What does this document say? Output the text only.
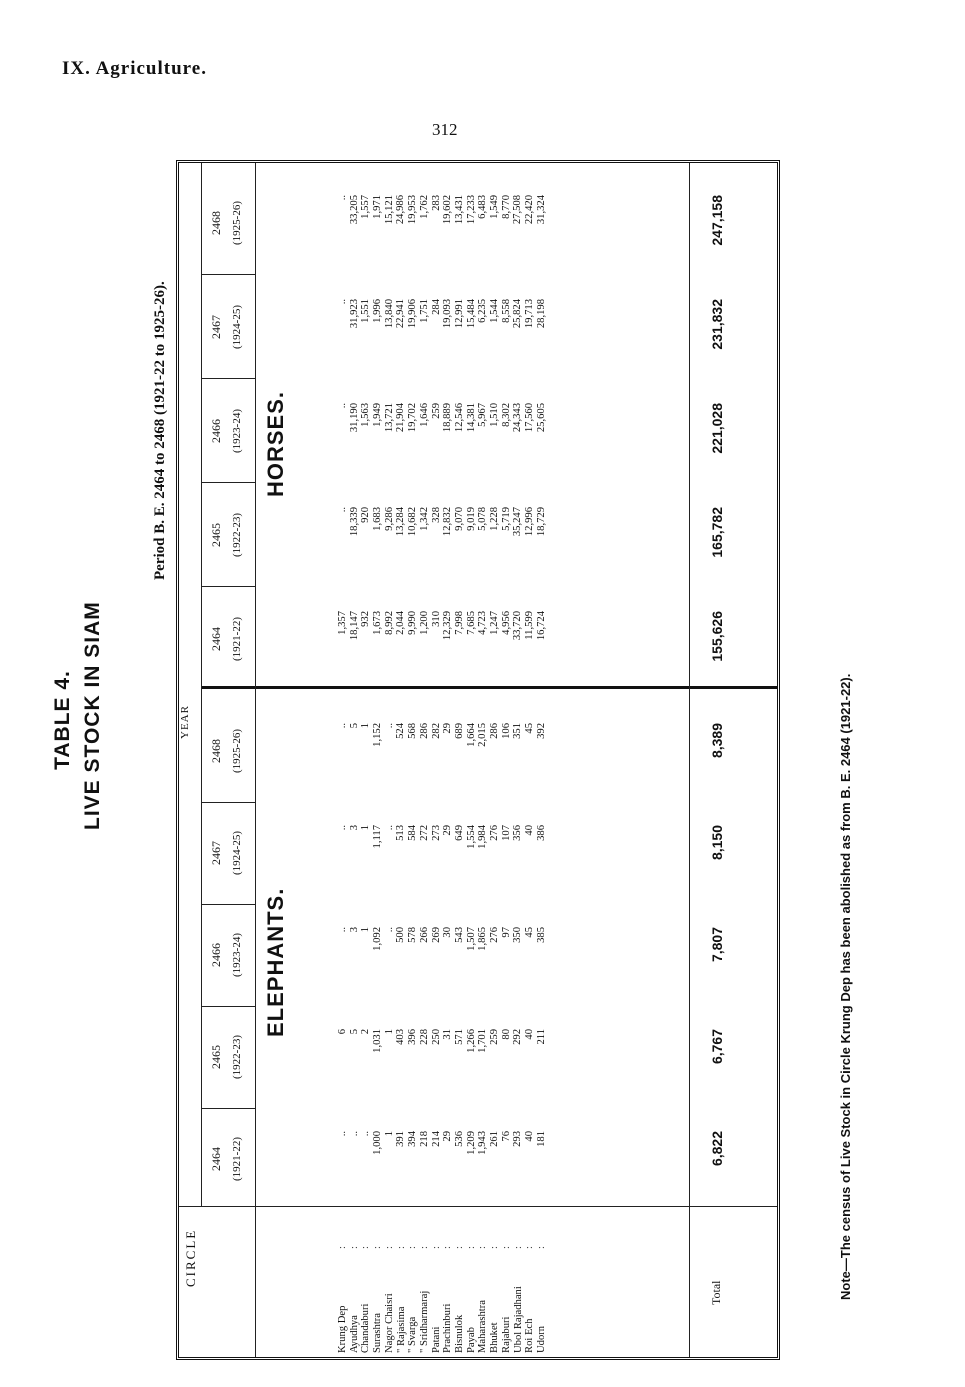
IX. Agriculture.
312
TABLE 4. LIVE STOCK IN SIAM
Period B. E. 2464 to 2468 (1921-22 to 1925-26).
CIRCLE
YEAR
ELEPHANTS.
HORSES.
2464 (1921-22)
2465 (1922-23)
2466 (1923-24)
2467 (1924-25)
2468 (1925-26)
2464 (1921-22)
2465 (1922-23)
2466 (1923-24)
2467 (1924-25)
2468 (1925-26)
Krung Dep Ayudhya Chandaburi Surashtra Nagor Chaisri " Rajasima " Svarga " Sridharmaraj Patani Prachinburi Bisnulok Payab Maharashtra Bhuket Rajaburi Ubol Rajadhani Roi Ech Udorn
:
:
:
:
:
:
:
:
:
:
:
:
:
:
:
:
:
:
.. .. .. 1,000 1 391 394 218 214 29 536 1,209 1,943 261 76 293 40 181
6 5 2 1,031 1 403 396 228 250 31 571 1,266 1,701 259 80 292 40 211
.. 3 1 1,092 .. 500 578 266 269 30 543 1,507 1,865 276 97 350 45 385
.. 3 1 1,117 .. 513 584 272 273 29 649 1,554 1,984 276 107 356 40 386
.. 5 1 1,152 .. 524 568 286 282 29 689 1,664 2,015 286 106 351 45 392
1,357 18,147 932 1,673 8,992 2,044 9,990 1,200 310 12,329 7,998 7,685 4,723 1,247 4,956 33,720 11,599 16,724
.. 18,339 920 1,683 9,286 13,284 10,682 1,342 328 12,832 9,070 9,019 5,078 1,228 5,719 35,247 12,996 18,729
.. 31,190 1,563 1,949 13,721 21,904 19,702 1,646 259 18,889 12,546 14,381 5,967 1,510 8,302 24,343 17,560 25,605
.. 31,923 1,551 1,996 13,840 22,941 19,906 1,751 284 19,093 12,991 15,484 6,235 1,544 8,558 25,824 19,713 28,198
.. 33,205 1,557 1,971 15,121 24,986 19,953 1,762 283 19,602 13,431 17,233 6,483 1,549 8,770 27,508 22,420 31,324
Total
6,822
6,767
7,807
8,150
8,389
155,626
165,782
221,028
231,832
247,158
Note—The census of Live Stock in Circle Krung Dep has been abolished as from B. E. 2464 (1921-22).
